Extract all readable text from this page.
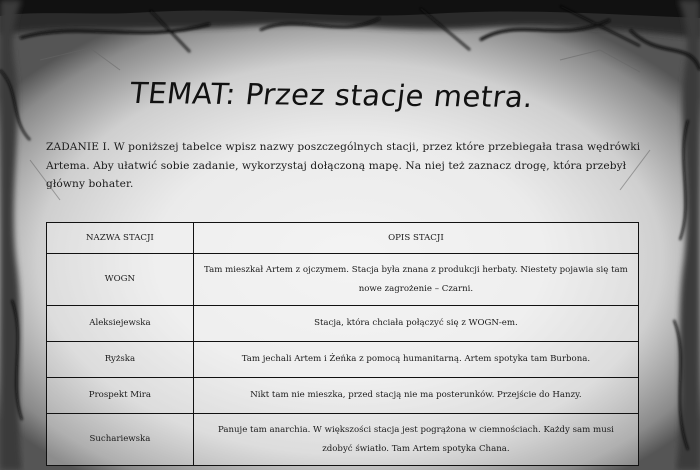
TEMAT: Przez stacje metra.
ZADANIE I. W poniższej tabelce wpisz nazwy poszczególnych stacji, przez które przebiegała trasa wędrówki Artema. Aby ułatwić sobie zadanie, wykorzystaj dołączoną mapę. Na niej też zaznacz drogę, która przebył główny bohater.
NAZWA STACJI	OPIS STACJI
WOGN	Tam mieszkał Artem z ojczymem. Stacja była znana z produkcji herbaty. Niestety pojawia się tam nowe zagrożenie – Czarni.
Aleksiejewska	Stacja, która chciała połączyć się z WOGN-em.
Ryżska	Tam jechali Artem i Żeńka z pomocą humanitarną. Artem spotyka tam Burbona.
Prospekt Mira	Nikt tam nie mieszka, przed stacją nie ma posterunków. Przejście do Hanzy.
Suchariewska	Panuje tam anarchia. W większości stacja jest pogrążona w ciemnościach. Każdy sam musi zdobyć światło. Tam Artem spotyka Chana.
